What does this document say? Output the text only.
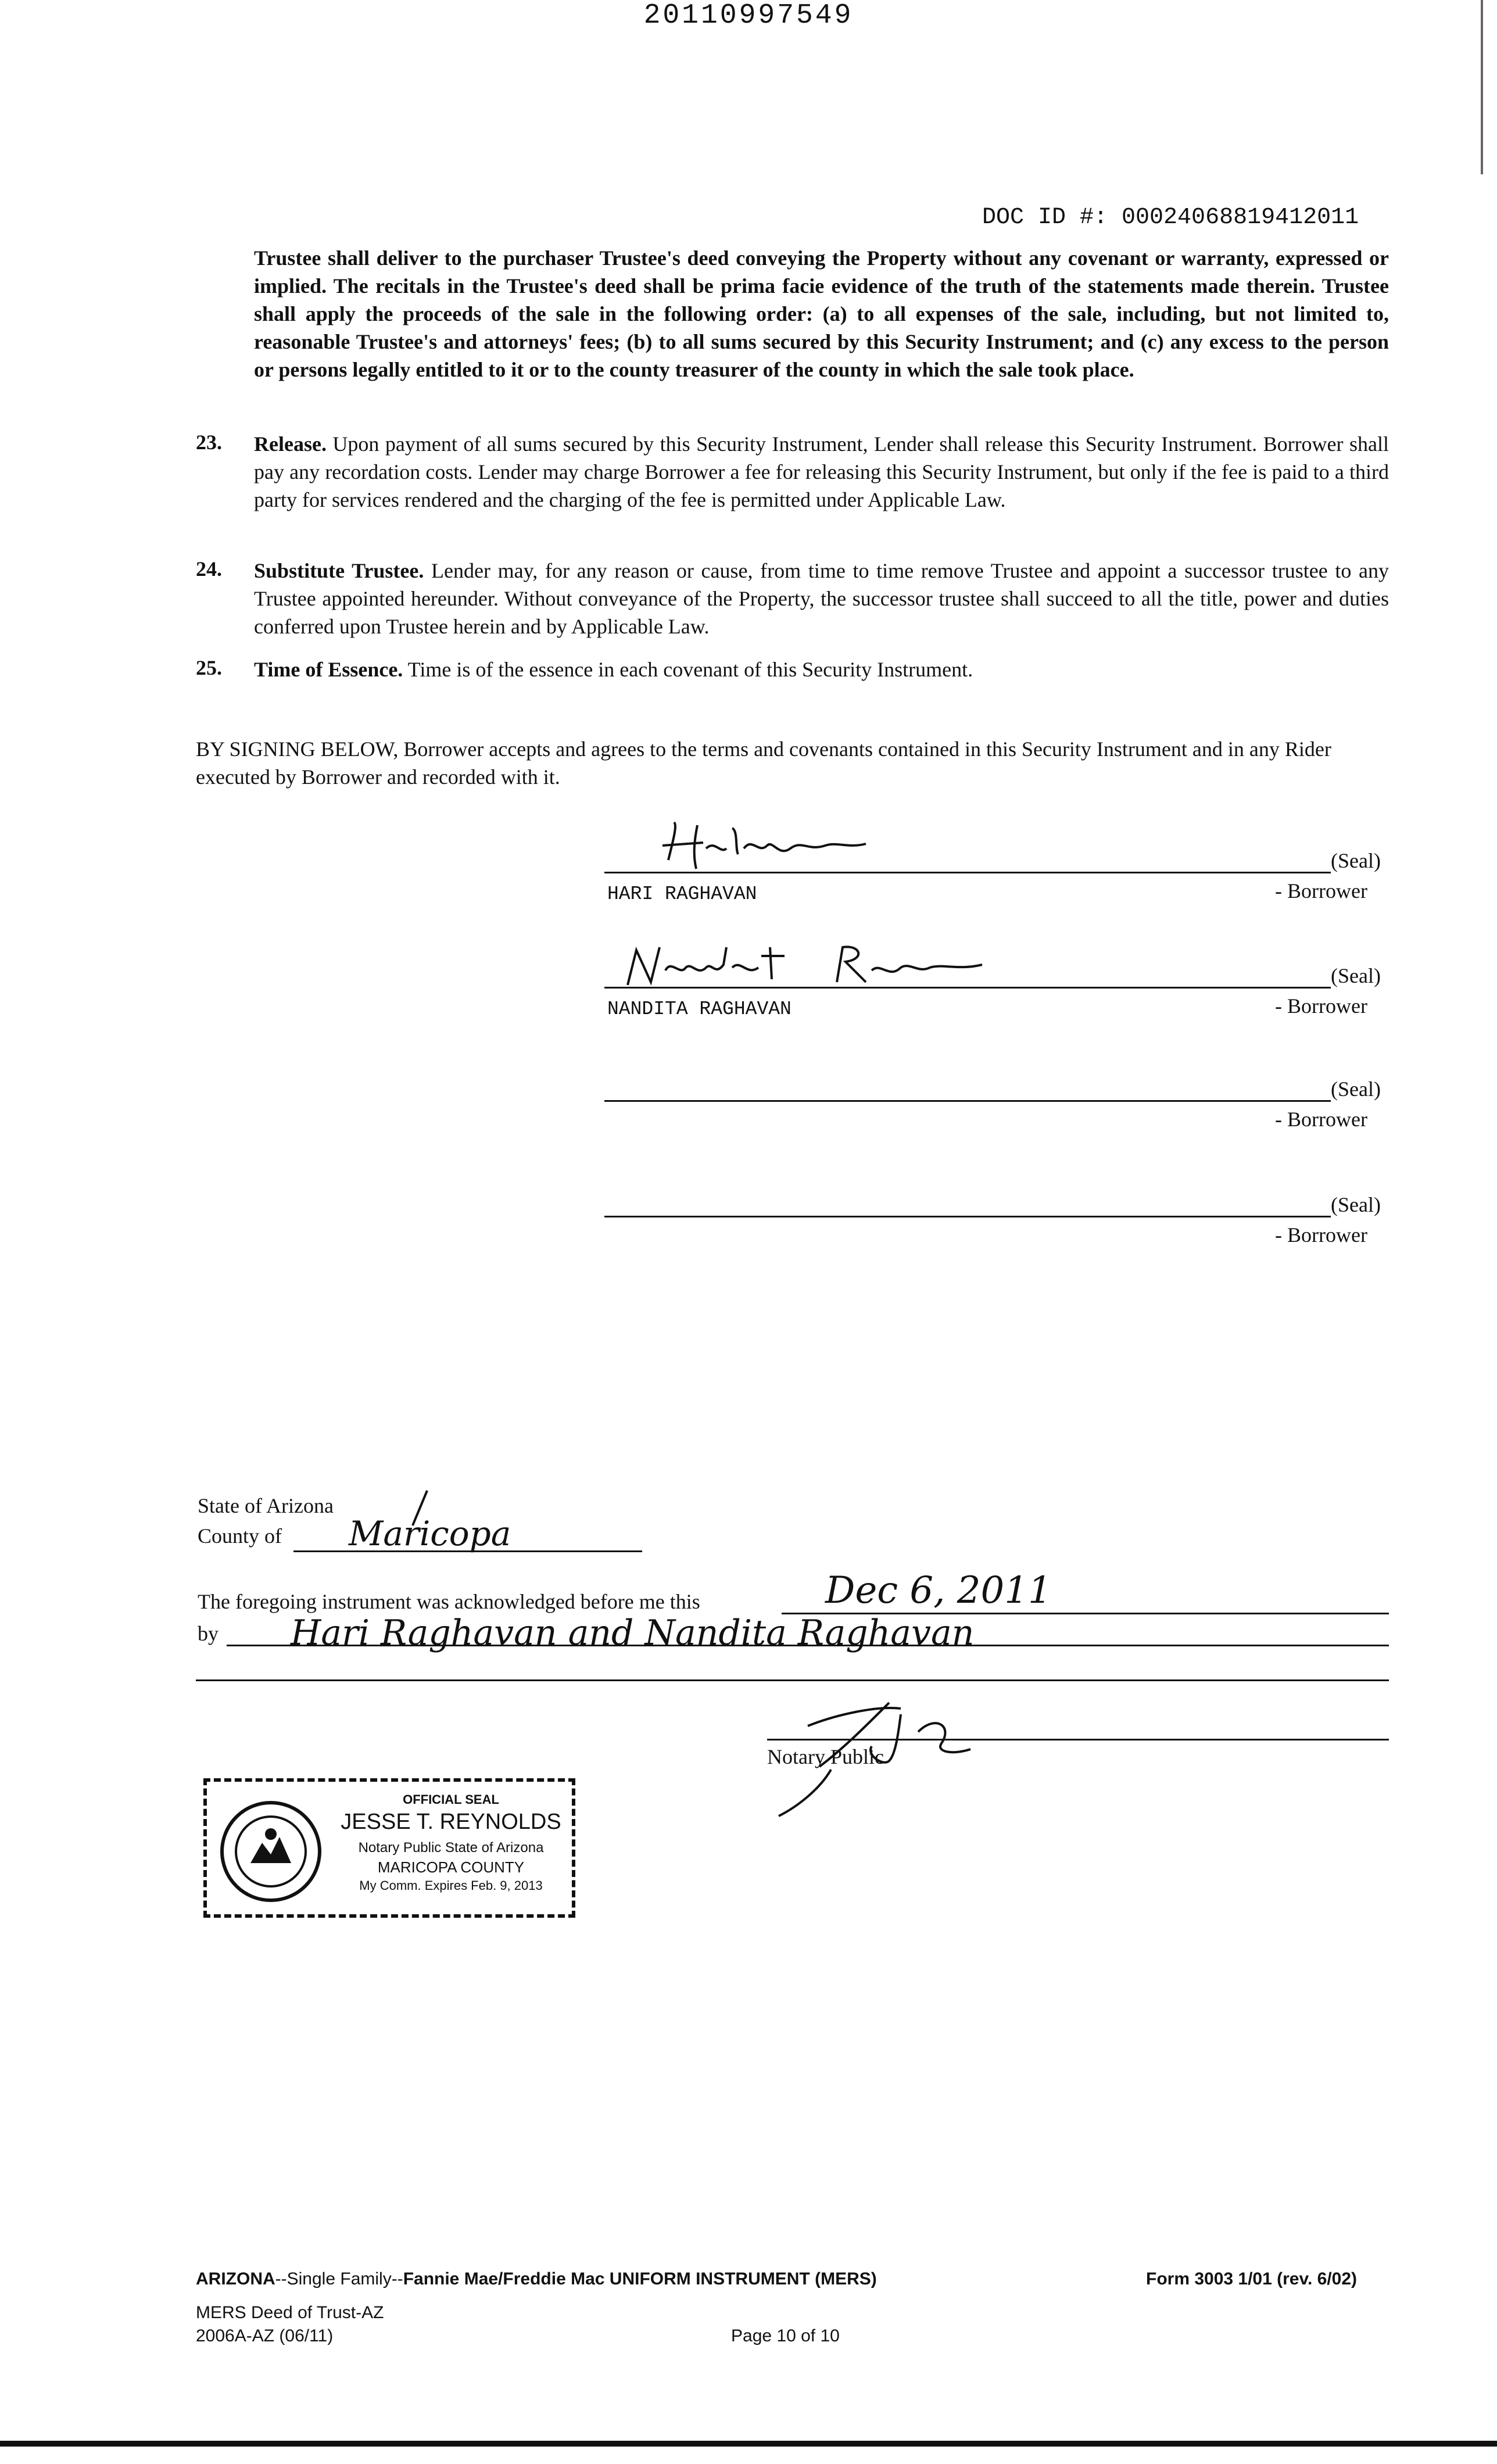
20110997549
DOC ID #: 00024068819412011
Trustee shall deliver to the purchaser Trustee's deed conveying the Property without any covenant or warranty, expressed or implied. The recitals in the Trustee's deed shall be prima facie evidence of the truth of the statements made therein. Trustee shall apply the proceeds of the sale in the following order: (a) to all expenses of the sale, including, but not limited to, reasonable Trustee's and attorneys' fees; (b) to all sums secured by this Security Instrument; and (c) any excess to the person or persons legally entitled to it or to the county treasurer of the county in which the sale took place.
23. Release. Upon payment of all sums secured by this Security Instrument, Lender shall release this Security Instrument. Borrower shall pay any recordation costs. Lender may charge Borrower a fee for releasing this Security Instrument, but only if the fee is paid to a third party for services rendered and the charging of the fee is permitted under Applicable Law.
24. Substitute Trustee. Lender may, for any reason or cause, from time to time remove Trustee and appoint a successor trustee to any Trustee appointed hereunder. Without conveyance of the Property, the successor trustee shall succeed to all the title, power and duties conferred upon Trustee herein and by Applicable Law.
25. Time of Essence. Time is of the essence in each covenant of this Security Instrument.
BY SIGNING BELOW, Borrower accepts and agrees to the terms and covenants contained in this Security Instrument and in any Rider executed by Borrower and recorded with it.
(Seal)
HARI RAGHAVAN	- Borrower
(Seal)
NANDITA RAGHAVAN	- Borrower
(Seal)
- Borrower
(Seal)
- Borrower
State of Arizona
County of Maricopa
The foregoing instrument was acknowledged before me this	Dec 6, 2011
by Hari Raghavan and Nandita Raghavan
Notary Public
OFFICIAL SEAL
JESSE T. REYNOLDS
Notary Public State of Arizona
MARICOPA COUNTY
My Comm. Expires Feb. 9, 2013
ARIZONA--Single Family--Fannie Mae/Freddie Mac UNIFORM INSTRUMENT (MERS)	Form 3003 1/01 (rev. 6/02)
MERS Deed of Trust-AZ
2006A-AZ (06/11)	Page 10 of 10
